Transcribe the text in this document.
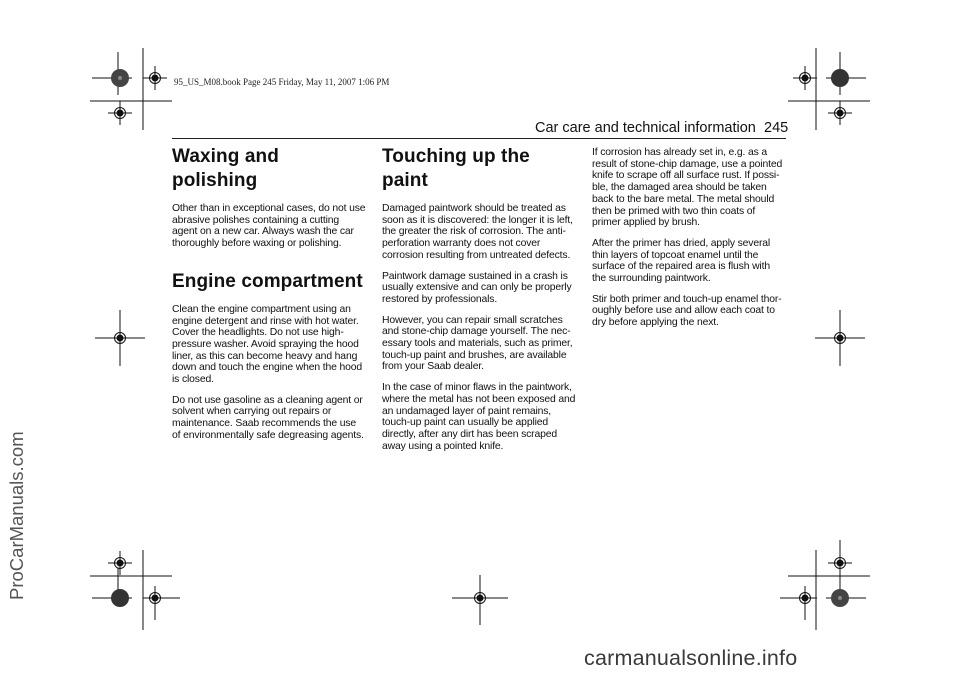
95_US_M08.book Page 245 Friday, May 11, 2007 1:06 PM
Car care and technical information 245
Waxing and polishing

Other than in exceptional cases, do not use abrasive polishes containing a cutting agent on a new car. Always wash the car thoroughly before waxing or polishing.

Engine compartment

Clean the engine compartment using an engine detergent and rinse with hot water. Cover the headlights. Do not use high-pressure washer. Avoid spraying the hood liner, as this can become heavy and hang down and touch the engine when the hood is closed.

Do not use gasoline as a cleaning agent or solvent when carrying out repairs or maintenance. Saab recommends the use of environmentally safe degreasing agents.

Touching up the paint

Damaged paintwork should be treated as soon as it is discovered: the longer it is left, the greater the risk of corrosion. The anti-perforation warranty does not cover corrosion resulting from untreated defects.

Paintwork damage sustained in a crash is usually extensive and can only be properly restored by professionals.

However, you can repair small scratches and stone-chip damage yourself. The necessary tools and materials, such as primer, touch-up paint and brushes, are available from your Saab dealer.

In the case of minor flaws in the paintwork, where the metal has not been exposed and an undamaged layer of paint remains, touch-up paint can usually be applied directly, after any dirt has been scraped away using a pointed knife.

If corrosion has already set in, e.g. as a result of stone-chip damage, use a pointed knife to scrape off all surface rust. If possible, the damaged area should be taken back to the bare metal. The metal should then be primed with two thin coats of primer applied by brush.

After the primer has dried, apply several thin layers of topcoat enamel until the surface of the repaired area is flush with the surrounding paintwork.

Stir both primer and touch-up enamel thoroughly before use and allow each coat to dry before applying the next.

ProCarManuals.com
carmanualsonline.info
